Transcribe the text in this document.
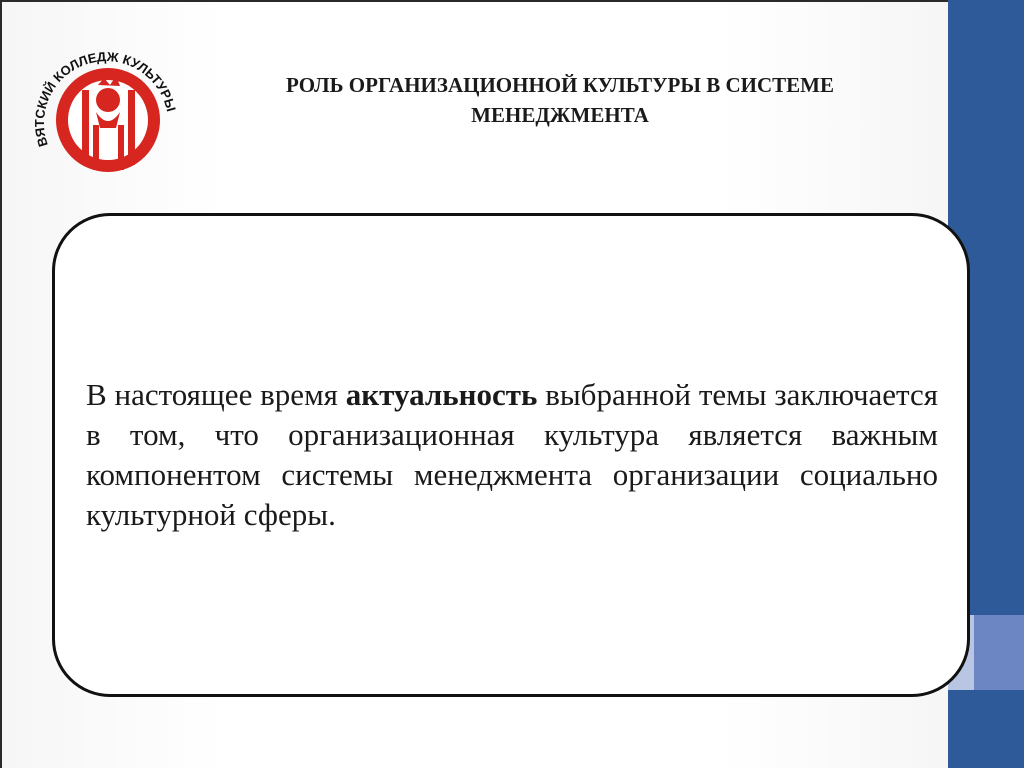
ВЯТСКИЙ КОЛЛЕДЖ КУЛЬТУРЫ
РОЛЬ ОРГАНИЗАЦИОННОЙ КУЛЬТУРЫ В СИСТЕМЕ
МЕНЕДЖМЕНТА
В настоящее время актуальность выбранной темы заключается в том, что организационная культура является важным компонентом системы менеджмента организации социально культурной сферы.
